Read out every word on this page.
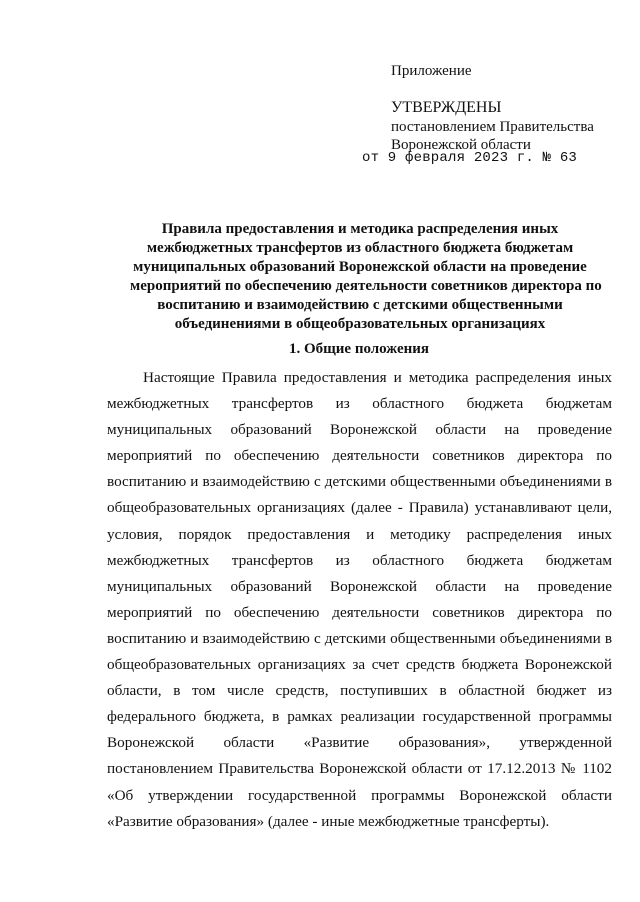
Приложение
УТВЕРЖДЕНЫ
постановлением Правительства
Воронежской области
от 9 февраля 2023 г. № 63
Правила предоставления и методика распределения иных
межбюджетных трансфертов из областного бюджета бюджетам
муниципальных образований Воронежской области на проведение
мероприятий по обеспечению деятельности советников директора по
воспитанию и взаимодействию с детскими общественными
объединениями в общеобразовательных организациях
1. Общие положения
Настоящие Правила предоставления и методика распределения иных
межбюджетных трансфертов из областного бюджета бюджетам
муниципальных образований Воронежской области на проведение
мероприятий по обеспечению деятельности советников директора по
воспитанию и взаимодействию с детскими общественными объединениями в
общеобразовательных организациях (далее - Правила) устанавливают цели,
условия, порядок предоставления и методику распределения иных
межбюджетных трансфертов из областного бюджета бюджетам
муниципальных образований Воронежской области на проведение
мероприятий по обеспечению деятельности советников директора по
воспитанию и взаимодействию с детскими общественными объединениями в
общеобразовательных организациях за счет средств бюджета Воронежской
области, в том числе средств, поступивших в областной бюджет из
федерального бюджета, в рамках реализации государственной программы
Воронежской области «Развитие образования», утвержденной
постановлением Правительства Воронежской области от 17.12.2013 № 1102
«Об утверждении государственной программы Воронежской области
«Развитие образования» (далее - иные межбюджетные трансферты).
